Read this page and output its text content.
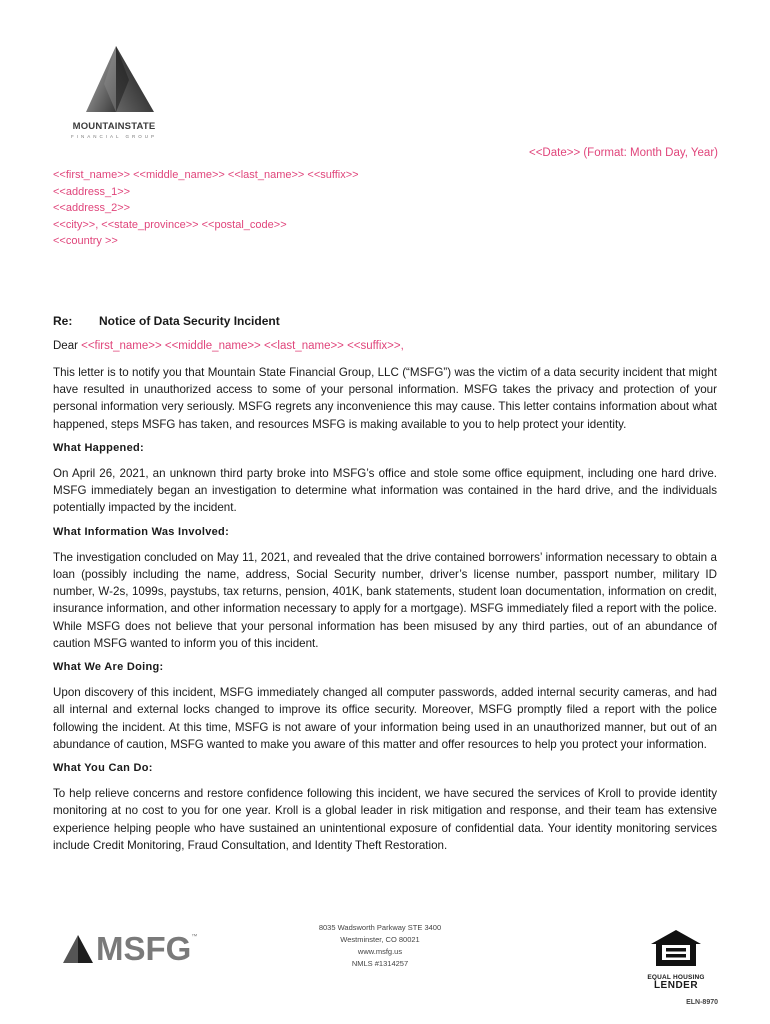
MOUNTAINSTATE
FINANCIAL GROUP
<<Date>> (Format: Month Day, Year)
<<first_name>> <<middle_name>> <<last_name>> <<suffix>>
<<address_1>>
<<address_2>>
<<city>>, <<state_province>> <<postal_code>>
<<country >>
Re: Notice of Data Security Incident
Dear <<first_name>> <<middle_name>> <<last_name>> <<suffix>>,

This letter is to notify you that Mountain State Financial Group, LLC (“MSFG”) was the victim of a data security incident that might have resulted in unauthorized access to some of your personal information. MSFG takes the privacy and protection of your personal information very seriously. MSFG regrets any inconvenience this may cause. This letter contains information about what happened, steps MSFG has taken, and resources MSFG is making available to you to help protect your identity.

What Happened:

On April 26, 2021, an unknown third party broke into MSFG’s office and stole some office equipment, including one hard drive. MSFG immediately began an investigation to determine what information was contained in the hard drive, and the individuals potentially impacted by the incident.

What Information Was Involved:

The investigation concluded on May 11, 2021, and revealed that the drive contained borrowers’ information necessary to obtain a loan (possibly including the name, address, Social Security number, driver’s license number, passport number, military ID number, W-2s, 1099s, paystubs, tax returns, pension, 401K, bank statements, student loan documentation, information on credit, insurance information, and other information necessary to apply for a mortgage). MSFG immediately filed a report with the police. While MSFG does not believe that your personal information has been misused by any third parties, out of an abundance of caution MSFG wanted to inform you of this incident.

What We Are Doing:

Upon discovery of this incident, MSFG immediately changed all computer passwords, added internal security cameras, and had all internal and external locks changed to improve its office security. Moreover, MSFG promptly filed a report with the police following the incident. At this time, MSFG is not aware of your information being used in an unauthorized manner, but out of an abundance of caution, MSFG wanted to make you aware of this matter and offer resources to help you protect your information.

What You Can Do:

To help relieve concerns and restore confidence following this incident, we have secured the services of Kroll to provide identity monitoring at no cost to you for one year. Kroll is a global leader in risk mitigation and response, and their team has extensive experience helping people who have sustained an unintentional exposure of confidential data. Your identity monitoring services include Credit Monitoring, Fraud Consultation, and Identity Theft Restoration.

MSFG ™
8035 Wadsworth Parkway STE 3400
Westminster, CO 80021
www.msfg.us
NMLS #1314257
EQUAL HOUSING
LENDER
ELN-8970
